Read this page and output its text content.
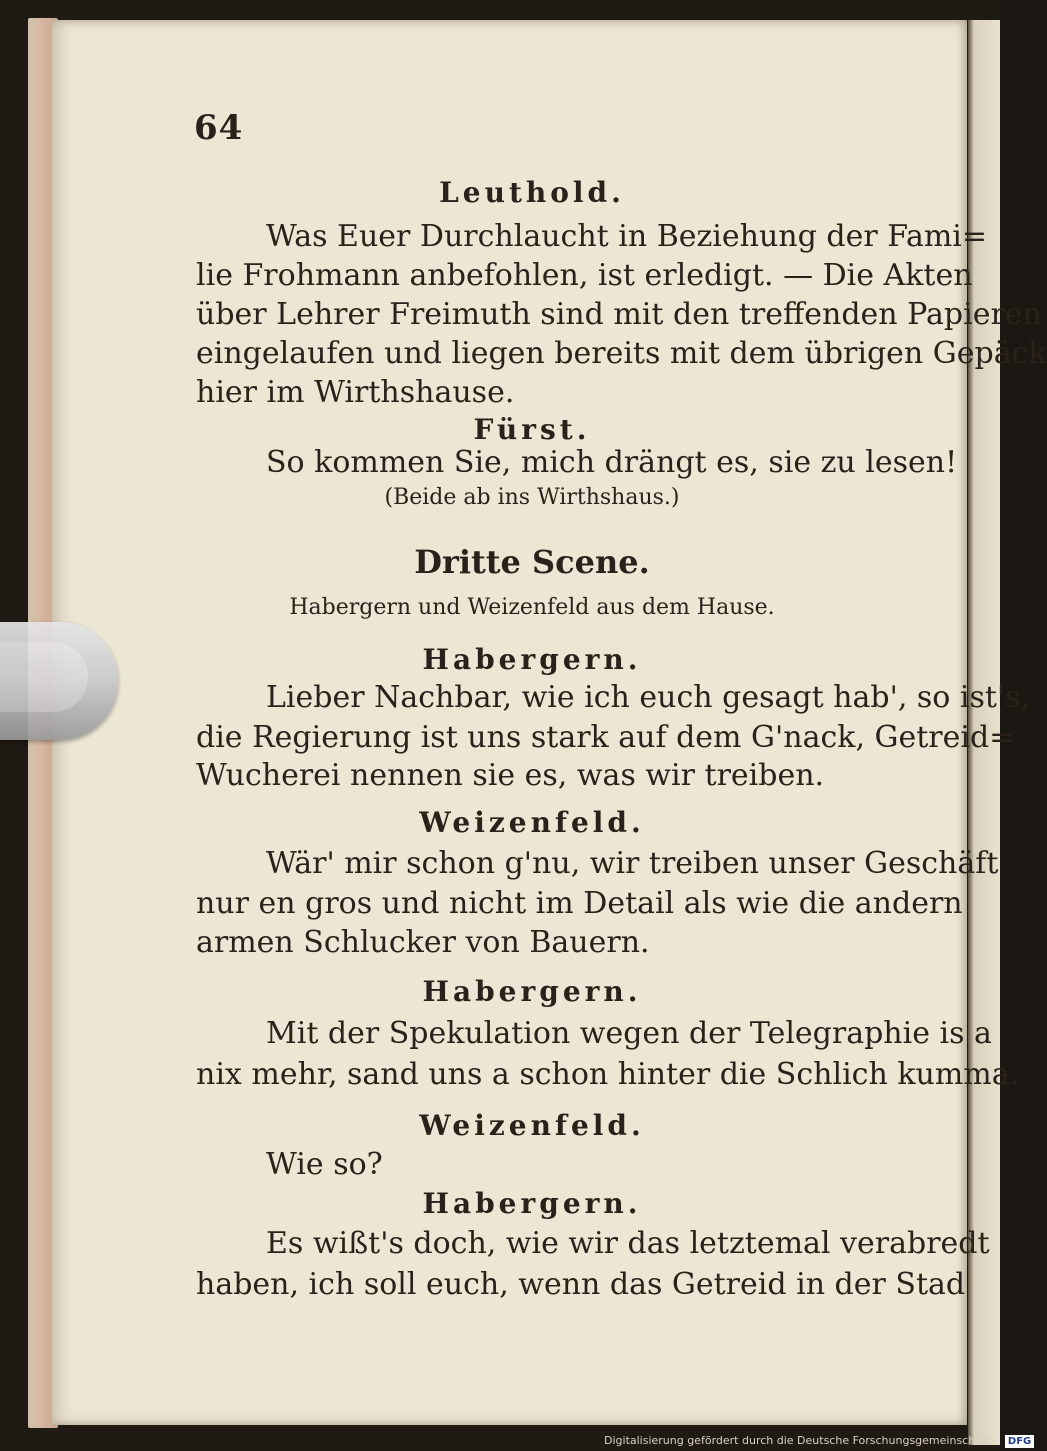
64
Leuthold.
Was Euer Durchlaucht in Beziehung der Fami=
lie Frohmann anbefohlen, ist erledigt. — Die Akten
über Lehrer Freimuth sind mit den treffenden Papieren
eingelaufen und liegen bereits mit dem übrigen Gepäck
hier im Wirthshause.
Fürst.
So kommen Sie, mich drängt es, sie zu lesen!
(Beide ab ins Wirthshaus.)
Dritte Scene.
Habergern und Weizenfeld aus dem Hause.
Habergern.
Lieber Nachbar, wie ich euch gesagt hab', so ist's,
die Regierung ist uns stark auf dem G'nack, Getreid=
Wucherei nennen sie es, was wir treiben.
Weizenfeld.
Wär' mir schon g'nu, wir treiben unser Geschäft
nur en gros und nicht im Detail als wie die andern
armen Schlucker von Bauern.
Habergern.
Mit der Spekulation wegen der Telegraphie is a
nix mehr, sand uns a schon hinter die Schlich kumma.
Weizenfeld.
Wie so?
Habergern.
Es wißt's doch, wie wir das letztemal verabredt
haben, ich soll euch, wenn das Getreid in der Stad
Digitalisierung gefördert durch die Deutsche Forschungsgemeinschaft - DFG
